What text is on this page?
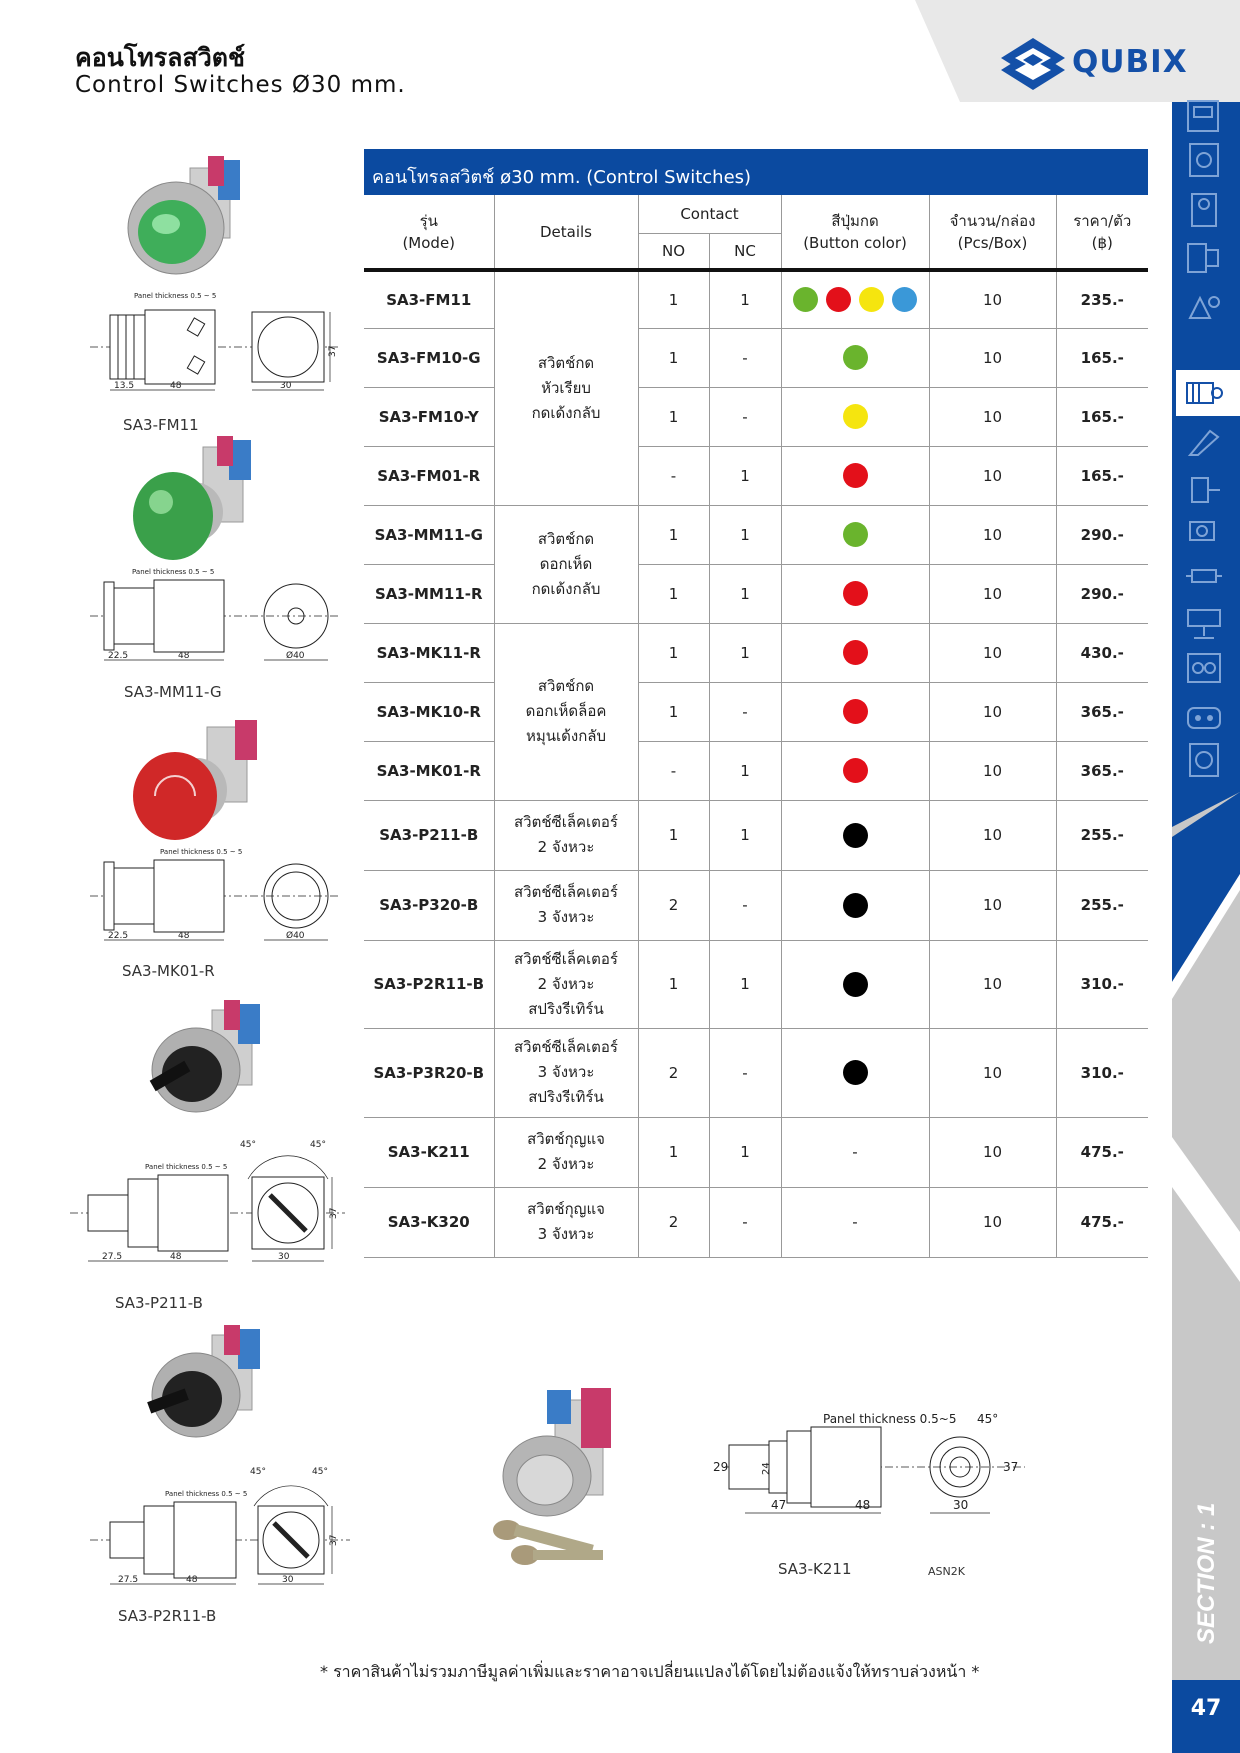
คอนโทรลสวิตช์
Control Switches Ø30 mm.
QUBIX
SECTION : 1
47
คอนโทรลสวิตช์ ø30 mm. (Control Switches)
รุ่น
(Mode)	Details	Contact		สีปุ่มกด
(Button color)	จำนวน/กล่อง
(Pcs/Box)	ราคา/ตัว
(฿)
		NO	NC			
SA3-FM11	สวิตช์กด
หัวเรียบ
กดเด้งกลับ	1	1		10	235.-
SA3-FM10-G		1	-		10	165.-
SA3-FM10-Y		1	-		10	165.-
SA3-FM01-R		-	1		10	165.-
SA3-MM11-G	สวิตช์กด
ดอกเห็ด
กดเด้งกลับ	1	1		10	290.-
SA3-MM11-R		1	1		10	290.-
SA3-MK11-R	สวิตช์กด
ดอกเห็ดล็อค
หมุนเด้งกลับ	1	1		10	430.-
SA3-MK10-R		1	-		10	365.-
SA3-MK01-R		-	1		10	365.-
SA3-P211-B	สวิตช์ซีเล็คเตอร์
2 จังหวะ	1	1		10	255.-
SA3-P320-B	สวิตช์ซีเล็คเตอร์
3 จังหวะ	2	-		10	255.-
SA3-P2R11-B	สวิตช์ซีเล็คเตอร์
2 จังหวะ
สปริงรีเทิร์น	1	1		10	310.-
SA3-P3R20-B	สวิตช์ซีเล็คเตอร์
3 จังหวะ
สปริงรีเทิร์น	2	-		10	310.-
SA3-K211	สวิตช์กุญแจ
2 จังหวะ	1	1	-	10	475.-
SA3-K320	สวิตช์กุญแจ
3 จังหวะ	2	-	-	10	475.-
Panel thickness 0.5 ~ 5
37
13.5	48	30
SA3-FM11
Panel thickness 0.5 ~ 5
22.5	48	Ø40
SA3-MM11-G
Panel thickness 0.5 ~ 5
22.5	48	Ø40
SA3-MK01-R
45°	45°
Panel thickness 0.5 ~ 5
37
27.5	48	30
SA3-P211-B
45°	45°
Panel thickness 0.5 ~ 5
37
27.5	48	30
SA3-P2R11-B
Panel thickness 0.5~5 45°
29	24	37
47	48	30
SA3-K211	ASN2K
* ราคาสินค้าไม่รวมภาษีมูลค่าเพิ่มและราคาอาจเปลี่ยนแปลงได้โดยไม่ต้องแจ้งให้ทราบล่วงหน้า *
